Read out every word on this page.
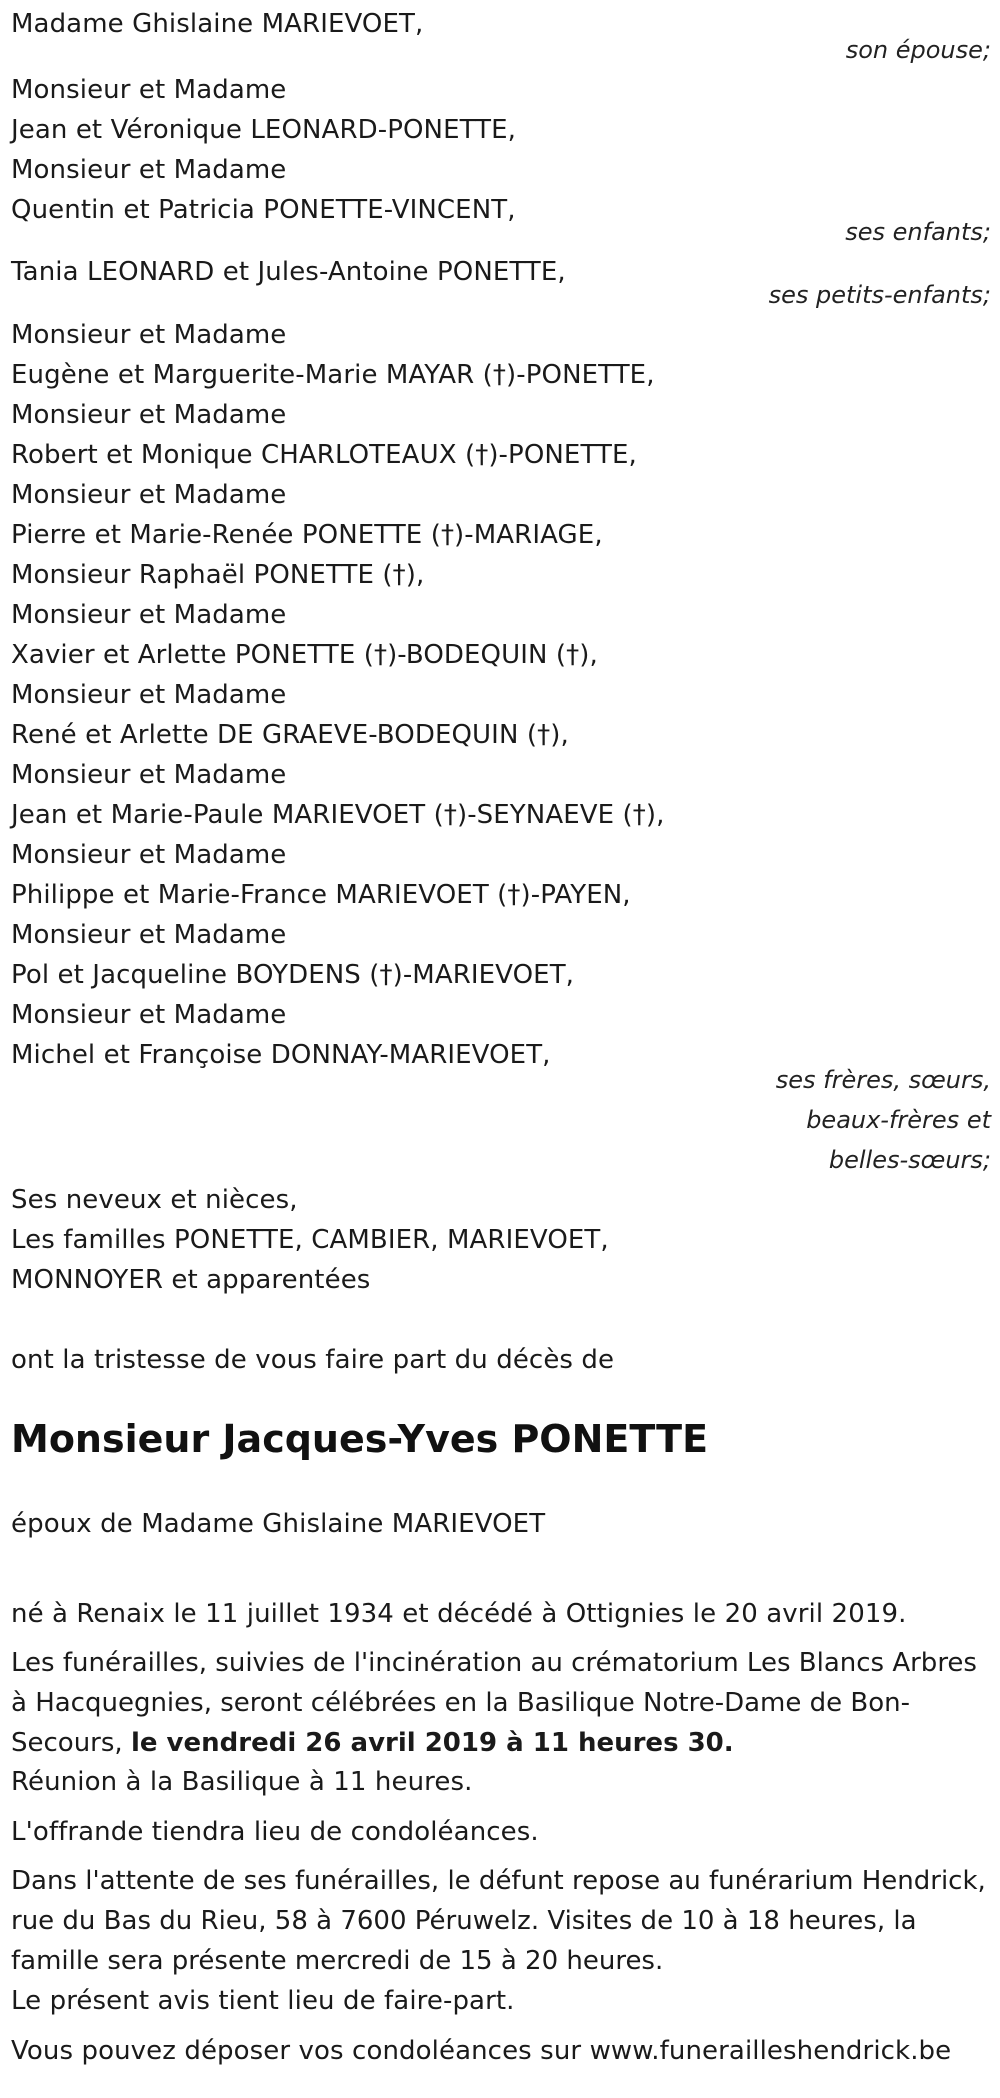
Madame Ghislaine MARIEVOET,
son épouse;
Monsieur et Madame
Jean et Véronique LEONARD-PONETTE,
Monsieur et Madame
Quentin et Patricia PONETTE-VINCENT,
ses enfants;
Tania LEONARD et Jules-Antoine PONETTE,
ses petits-enfants;
Monsieur et Madame
Eugène et Marguerite-Marie MAYAR (†)-PONETTE,
Monsieur et Madame
Robert et Monique CHARLOTEAUX (†)-PONETTE,
Monsieur et Madame
Pierre et Marie-Renée PONETTE (†)-MARIAGE,
Monsieur Raphaël PONETTE (†),
Monsieur et Madame
Xavier et Arlette PONETTE (†)-BODEQUIN (†),
Monsieur et Madame
René et Arlette DE GRAEVE-BODEQUIN (†),
Monsieur et Madame
Jean et Marie-Paule MARIEVOET (†)-SEYNAEVE (†),
Monsieur et Madame
Philippe et Marie-France MARIEVOET (†)-PAYEN,
Monsieur et Madame
Pol et Jacqueline BOYDENS (†)-MARIEVOET,
Monsieur et Madame
Michel et Françoise DONNAY-MARIEVOET,
ses frères, sœurs,
beaux-frères et
belles-sœurs;
Ses neveux et nièces,
Les familles PONETTE, CAMBIER, MARIEVOET,
MONNOYER et apparentées
ont la tristesse de vous faire part du décès de
Monsieur Jacques-Yves PONETTE
époux de Madame Ghislaine MARIEVOET
né à Renaix le 11 juillet 1934 et décédé à Ottignies le 20 avril 2019.
Les funérailles, suivies de l'incinération au crématorium Les Blancs Arbres à Hacquegnies, seront célébrées en la Basilique Notre-Dame de Bon-Secours, le vendredi 26 avril 2019 à 11 heures 30.
Réunion à la Basilique à 11 heures.
L'offrande tiendra lieu de condoléances.
Dans l'attente de ses funérailles, le défunt repose au funérarium Hendrick, rue du Bas du Rieu, 58 à 7600 Péruwelz. Visites de 10 à 18 heures, la famille sera présente mercredi de 15 à 20 heures.
Le présent avis tient lieu de faire-part.
Vous pouvez déposer vos condoléances sur www.funerailleshendrick.be
